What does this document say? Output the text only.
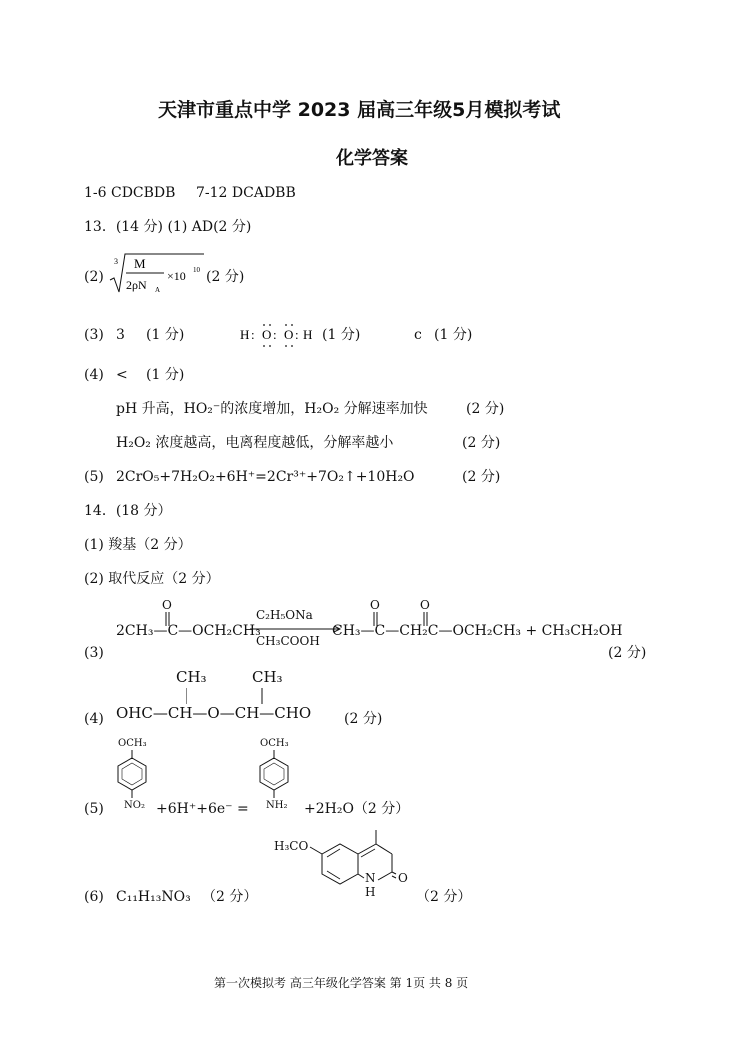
天津市重点中学 2023 届高三年级5月模拟考试
化学答案
1-6 CDCBDB 7-12 DCADBB
13．(14 分) (1) AD(2 分)
(2)
3 M
2ρN A
×10 10 (2 分)
(3) 3 (1 分)	H : O : O : H (1 分)	c (1 分)
(4) < (1 分)
pH 升高，HO₂⁻的浓度增加，H₂O₂ 分解速率加快	(2 分)
H₂O₂ 浓度越高，电离程度越低，分解率越小	(2 分)
(5) 2CrO₅+7H₂O₂+6H⁺=2Cr³⁺+7O₂↑+10H₂O	(2 分)
14．(18 分）
(1) 羧基（2 分）
(2) 取代反应（2 分）
(3)
O
2CH₃—C—OCH₂CH₃
C₂H₅ONa
CH₃COOH
O	O
CH₃—C—CH₂C—OCH₂CH₃ + CH₃CH₂OH
(2 分)
(4)
CH₃	CH₃
OHC—CH—O—CH—CHO (2 分)
(5)
OCH₃
NO₂ +6H⁺+6e⁻ =
OCH₃
NH₂ +2H₂O（2 分）
(6) C₁₁H₁₃NO₃ （2 分）
H₃CO
N
H
O
（2 分）
第一次模拟考 高三年级化学答案 第 1页 共 8 页
